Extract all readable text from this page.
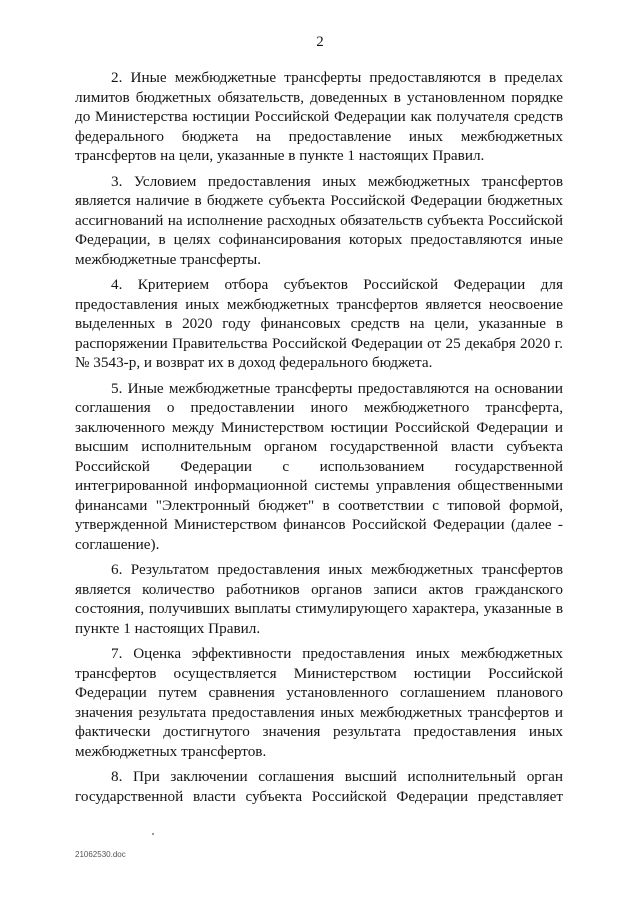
2

2. Иные межбюджетные трансферты предоставляются в пределах лимитов бюджетных обязательств, доведенных в установленном порядке до Министерства юстиции Российской Федерации как получателя средств федерального бюджета на предоставление иных межбюджетных трансфертов на цели, указанные в пункте 1 настоящих Правил.

3. Условием предоставления иных межбюджетных трансфертов является наличие в бюджете субъекта Российской Федерации бюджетных ассигнований на исполнение расходных обязательств субъекта Российской Федерации, в целях софинансирования которых предоставляются иные межбюджетные трансферты.

4. Критерием отбора субъектов Российской Федерации для предоставления иных межбюджетных трансфертов является неосвоение выделенных в 2020 году финансовых средств на цели, указанные в распоряжении Правительства Российской Федерации от 25 декабря 2020 г. № 3543-р, и возврат их в доход федерального бюджета.

5. Иные межбюджетные трансферты предоставляются на основании соглашения о предоставлении иного межбюджетного трансферта, заключенного между Министерством юстиции Российской Федерации и высшим исполнительным органом государственной власти субъекта Российской Федерации с использованием государственной интегрированной информационной системы управления общественными финансами "Электронный бюджет" в соответствии с типовой формой, утвержденной Министерством финансов Российской Федерации (далее - соглашение).

6. Результатом предоставления иных межбюджетных трансфертов является количество работников органов записи актов гражданского состояния, получивших выплаты стимулирующего характера, указанные в пункте 1 настоящих Правил.

7. Оценка эффективности предоставления иных межбюджетных трансфертов осуществляется Министерством юстиции Российской Федерации путем сравнения установленного соглашением планового значения результата предоставления иных межбюджетных трансфертов и фактически достигнутого значения результата предоставления иных межбюджетных трансфертов.

8. При заключении соглашения высший исполнительный орган государственной власти субъекта Российской Федерации представляет

21062530.doc
